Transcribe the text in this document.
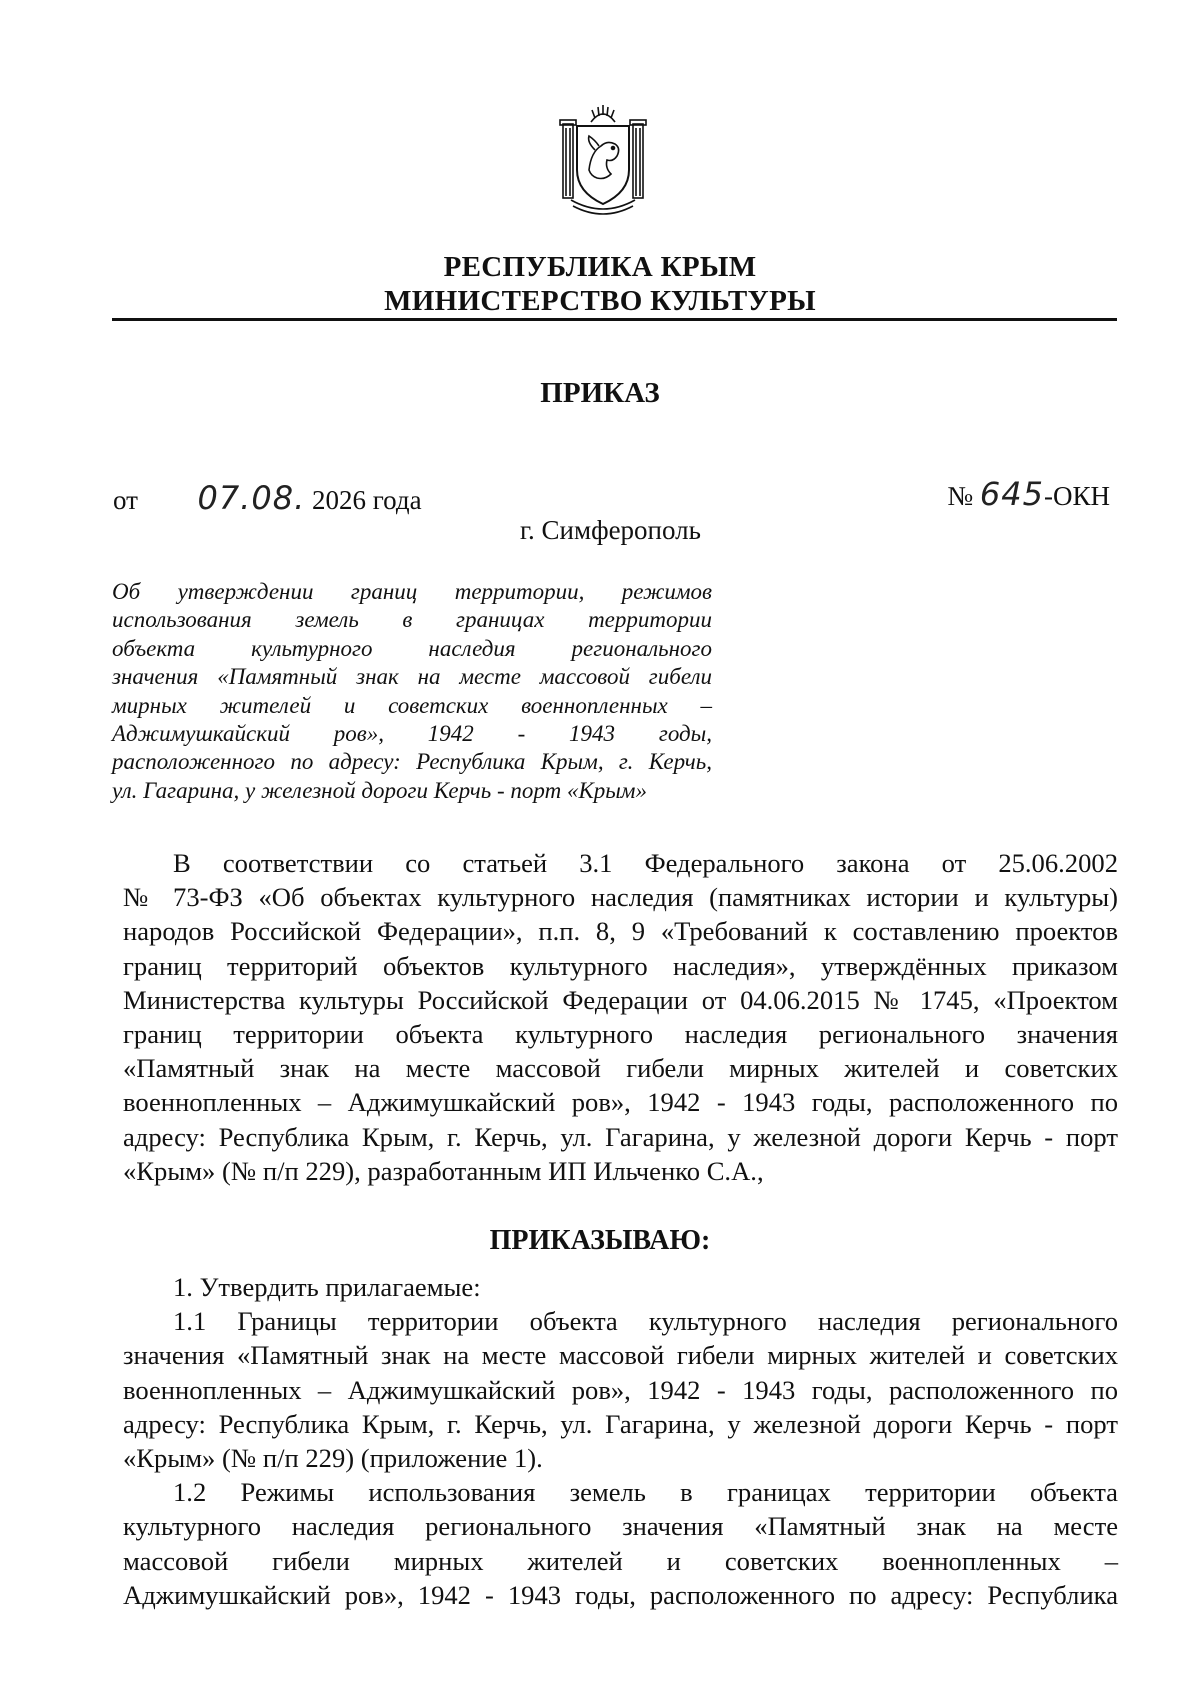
РЕСПУБЛИКА КРЫМ
МИНИСТЕРСТВО КУЛЬТУРЫ
ПРИКАЗ
от 07.08. 2026 года	№ 645-ОКН
г. Симферополь
Об утверждении границ территории, режимов
использования земель в границах территории
объекта культурного наследия регионального
значения «Памятный знак на месте массовой гибели
мирных жителей и советских военнопленных –
Аджимушкайский ров», 1942 - 1943 годы,
расположенного по адресу: Республика Крым, г. Керчь,
ул. Гагарина, у железной дороги Керчь - порт «Крым»
В соответствии со статьей 3.1 Федерального закона от 25.06.2002
№ 73-ФЗ «Об объектах культурного наследия (памятниках истории и культуры)
народов Российской Федерации», п.п. 8, 9 «Требований к составлению проектов
границ территорий объектов культурного наследия», утверждённых приказом
Министерства культуры Российской Федерации от 04.06.2015 № 1745, «Проектом
границ территории объекта культурного наследия регионального значения
«Памятный знак на месте массовой гибели мирных жителей и советских
военнопленных – Аджимушкайский ров», 1942 - 1943 годы, расположенного по
адресу: Республика Крым, г. Керчь, ул. Гагарина, у железной дороги Керчь - порт
«Крым» (№ п/п 229), разработанным ИП Ильченко С.А.,
ПРИКАЗЫВАЮ:
1. Утвердить прилагаемые:
1.1 Границы территории объекта культурного наследия регионального
значения «Памятный знак на месте массовой гибели мирных жителей и советских
военнопленных – Аджимушкайский ров», 1942 - 1943 годы, расположенного по
адресу: Республика Крым, г. Керчь, ул. Гагарина, у железной дороги Керчь - порт
«Крым» (№ п/п 229) (приложение 1).
1.2 Режимы использования земель в границах территории объекта
культурного наследия регионального значения «Памятный знак на месте
массовой гибели мирных жителей и советских военнопленных –
Аджимушкайский ров», 1942 - 1943 годы, расположенного по адресу: Республика
